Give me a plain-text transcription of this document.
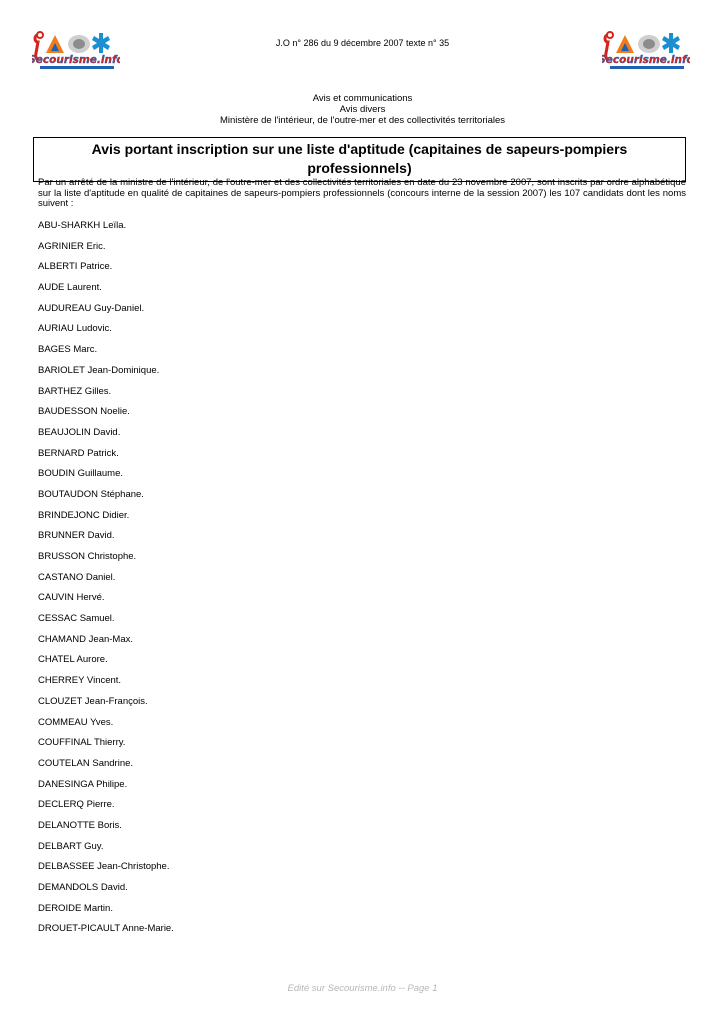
Secourisme.info	Secourisme.info
J.O n° 286 du 9 décembre 2007 texte n° 35
Avis et communications
Avis divers
Ministère de l'intérieur, de l'outre-mer et des collectivités territoriales
Avis portant inscription sur une liste d'aptitude (capitaines de sapeurs-pompiers professionnels)
Par un arrêté de la ministre de l'intérieur, de l'outre-mer et des collectivités territoriales en date du 23 novembre 2007, sont inscrits par ordre alphabétique sur la liste d'aptitude en qualité de capitaines de sapeurs-pompiers professionnels (concours interne de la session 2007) les 107 candidats dont les noms suivent :
ABU-SHARKH Leïla.
AGRINIER Eric.
ALBERTI Patrice.
AUDE Laurent.
AUDUREAU Guy-Daniel.
AURIAU Ludovic.
BAGES Marc.
BARIOLET Jean-Dominique.
BARTHEZ Gilles.
BAUDESSON Noelie.
BEAUJOLIN David.
BERNARD Patrick.
BOUDIN Guillaume.
BOUTAUDON Stéphane.
BRINDEJONC Didier.
BRUNNER David.
BRUSSON Christophe.
CASTANO Daniel.
CAUVIN Hervé.
CESSAC Samuel.
CHAMAND Jean-Max.
CHATEL Aurore.
CHERREY Vincent.
CLOUZET Jean-François.
COMMEAU Yves.
COUFFINAL Thierry.
COUTELAN Sandrine.
DANESINGA Philipe.
DECLERQ Pierre.
DELANOTTE Boris.
DELBART Guy.
DELBASSEE Jean-Christophe.
DEMANDOLS David.
DEROIDE Martin.
DROUET-PICAULT Anne-Marie.
Edité sur Secourisme.info -- Page 1
